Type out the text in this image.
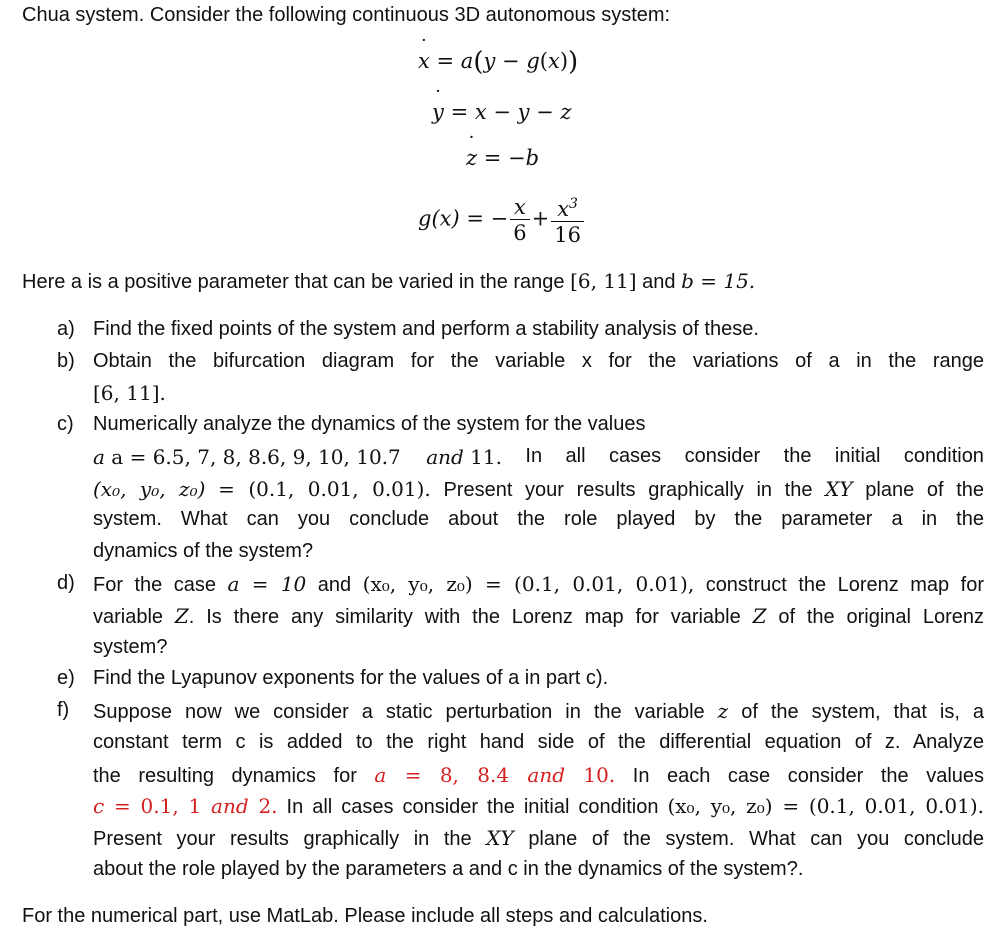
Chua system. Consider the following continuous 3D autonomous system:
x ˙ = a(y − g(x))
y ˙ = x − y − z
z ˙ = −b
g(x) = − $\frac{x}{6} + \frac{x^3}{16}$
Here a is a positive parameter that can be varied in the range [6, 11] and b = 15.
a) Find the fixed points of the system and perform a stability analysis of these.
b) Obtain the bifurcation diagram for the variable x for the variations of a in the range
[6, 11].
c) Numerically analyze the dynamics of the system for the values
a a = 6.5, 7, 8, 8.6, 9, 10, 10.7 and 11. In all cases consider the initial condition
(x₀, y₀, z₀) = (0.1, 0.01, 0.01). Present your results graphically in the XY plane of the
system. What can you conclude about the role played by the parameter a in the
dynamics of the system?
d) For the case a = 10 and (x₀, y₀, z₀) = (0.1, 0.01, 0.01), construct the Lorenz map for
variable Z. Is there any similarity with the Lorenz map for variable Z of the original Lorenz
system?
e) Find the Lyapunov exponents for the values of a in part c).
f) Suppose now we consider a static perturbation in the variable z of the system, that is, a
constant term c is added to the right hand side of the differential equation of z. Analyze
the resulting dynamics for a = 8, 8.4 and 10. In each case consider the values
c = 0.1, 1 and 2. In all cases consider the initial condition (x₀, y₀, z₀) = (0.1, 0.01, 0.01).
Present your results graphically in the XY plane of the system. What can you conclude
about the role played by the parameters a and c in the dynamics of the system?.
For the numerical part, use MatLab. Please include all steps and calculations.
